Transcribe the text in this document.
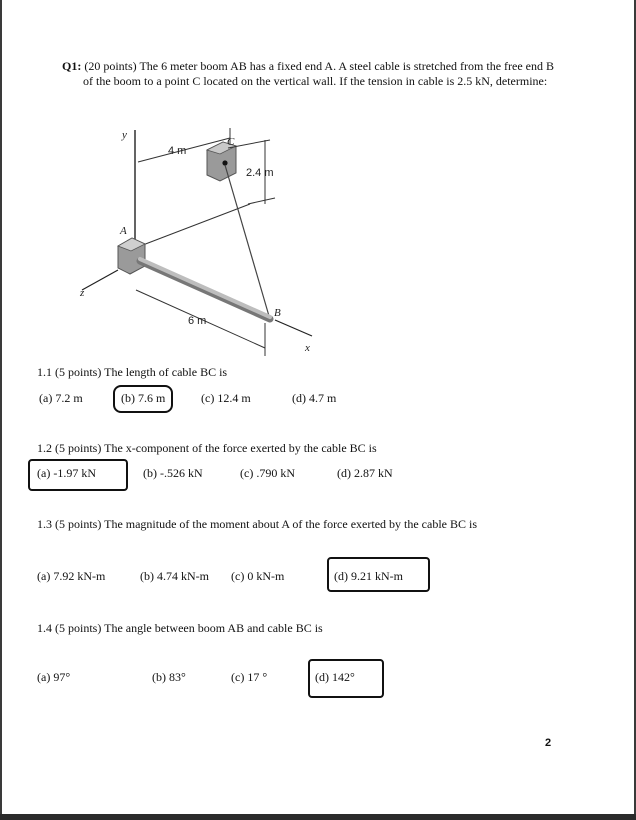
Q1: (20 points) The 6 meter boom AB has a fixed end A. A steel cable is stretched from the free end B
of the boom to a point C located on the vertical wall. If the tension in cable is 2.5 kN, determine:
y
4 m
C
2.4 m
z
A
B
x
6 m
1.1 (5 points) The length of cable BC is
(a) 7.2 m	(b) 7.6 m	(c) 12.4 m	(d) 4.7 m
1.2 (5 points) The x-component of the force exerted by the cable BC is
(a) -1.97 kN	(b) -.526 kN	(c) .790 kN	(d) 2.87 kN
1.3 (5 points) The magnitude of the moment about A of the force exerted by the cable BC is
(a) 7.92 kN-m	(b) 4.74 kN-m (c) 0 kN-m	(d) 9.21 kN-m
1.4 (5 points) The angle between boom AB and cable BC is
(a) 97°	(b) 83°	(c) 17 °	(d) 142°
2
